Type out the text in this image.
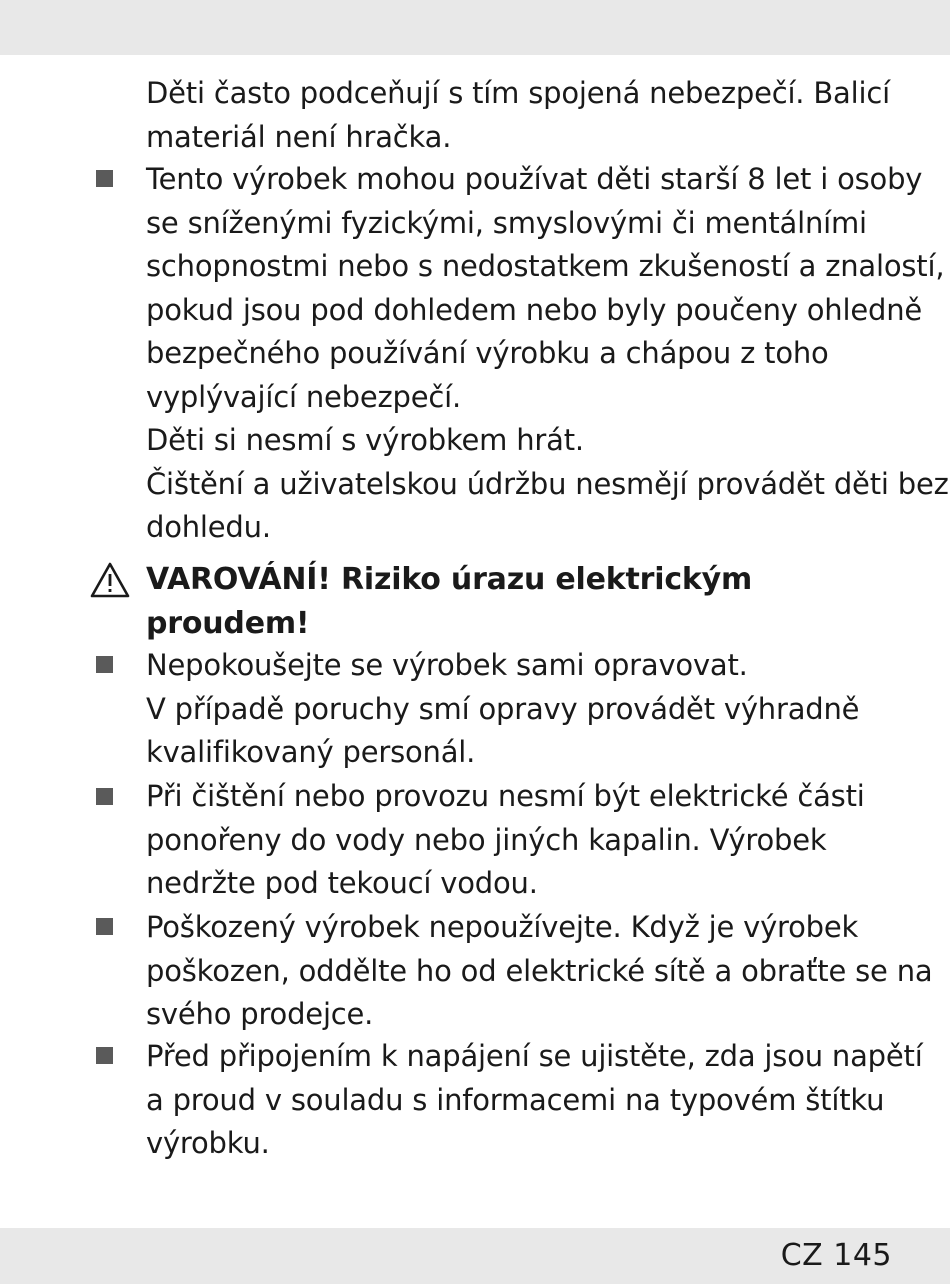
Děti často podceňují s tím spojená nebezpečí. Balicí
materiál není hračka.
Tento výrobek mohou používat děti starší 8 let i osoby
se sníženými fyzickými, smyslovými či mentálními
schopnostmi nebo s nedostatkem zkušeností a znalostí,
pokud jsou pod dohledem nebo byly poučeny ohledně
bezpečného používání výrobku a chápou z toho
vyplývající nebezpečí.
Děti si nesmí s výrobkem hrát.
Čištění a uživatelskou údržbu nesmějí provádět děti bez
dohledu.
VAROVÁNÍ! Riziko úrazu elektrickým
proudem!
Nepokoušejte se výrobek sami opravovat.
V případě poruchy smí opravy provádět výhradně
kvalifikovaný personál.
Při čištění nebo provozu nesmí být elektrické části
ponořeny do vody nebo jiných kapalin. Výrobek
nedržte pod tekoucí vodou.
Poškozený výrobek nepoužívejte. Když je výrobek
poškozen, oddělte ho od elektrické sítě a obraťte se na
svého prodejce.
Před připojením k napájení se ujistěte, zda jsou napětí
a proud v souladu s informacemi na typovém štítku
výrobku.
CZ 145
